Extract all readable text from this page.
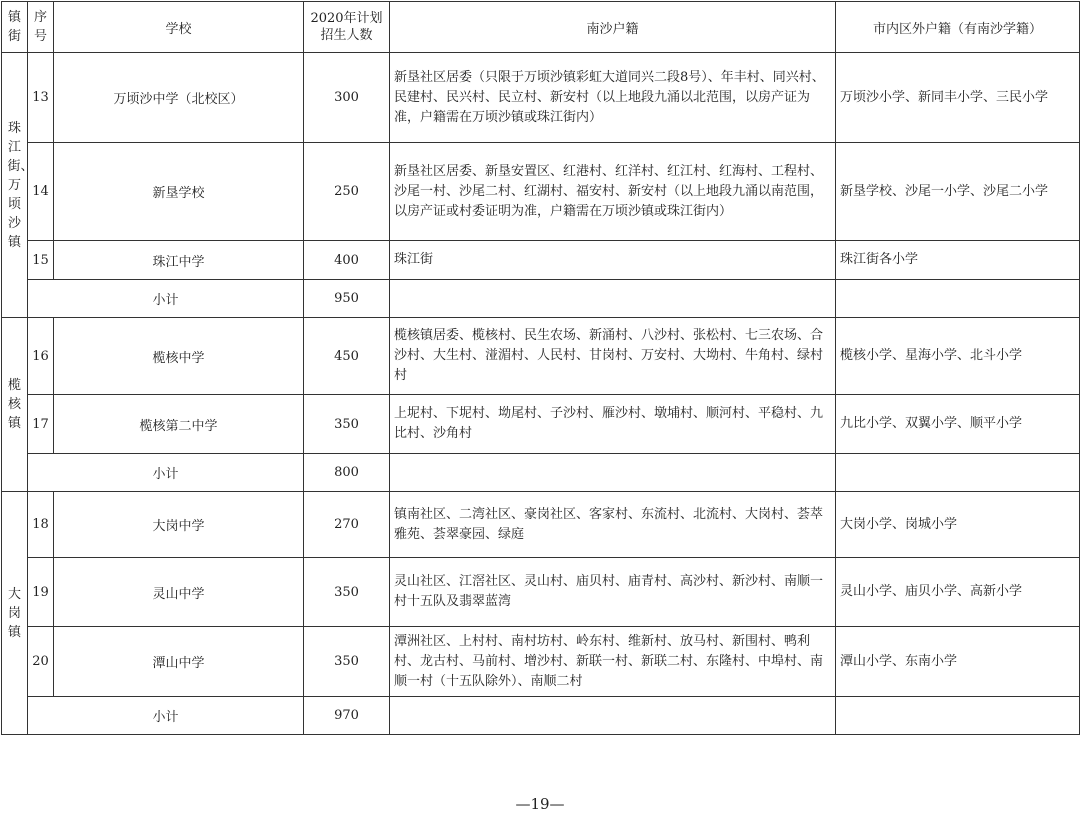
镇街	序号	学校	2020年计划招生人数	南沙户籍	市内区外户籍（有南沙学籍）
珠江街、万顷沙镇	13	万顷沙中学（北校区）	300	新垦社区居委（只限于万顷沙镇彩虹大道同兴二段8号）、年丰村、同兴村、民建村、民兴村、民立村、新安村（以上地段九涌以北范围，以房产证为准，户籍需在万顷沙镇或珠江街内）	万顷沙小学、新同丰小学、三民小学
	14	新垦学校	250	新垦社区居委、新垦安置区、红港村、红洋村、红江村、红海村、工程村、沙尾一村、沙尾二村、红湖村、福安村、新安村（以上地段九涌以南范围，以房产证或村委证明为准，户籍需在万顷沙镇或珠江街内）	新垦学校、沙尾一小学、沙尾二小学
	15	珠江中学	400	珠江街	珠江街各小学
	小计		950		
榄核镇	16	榄核中学	450	榄核镇居委、榄核村、民生农场、新涌村、八沙村、张松村、七三农场、合沙村、大生村、湴湄村、人民村、甘岗村、万安村、大坳村、牛角村、绿村村	榄核小学、星海小学、北斗小学
	17	榄核第二中学	350	上坭村、下坭村、坳尾村、子沙村、雁沙村、墩埔村、顺河村、平稳村、九比村、沙角村	九比小学、双翼小学、顺平小学
	小计		800		
大岗镇	18	大岗中学	270	镇南社区、二湾社区、豪岗社区、客家村、东流村、北流村、大岗村、荟萃雅苑、荟翠豪园、绿庭	大岗小学、岗城小学
	19	灵山中学	350	灵山社区、江滘社区、灵山村、庙贝村、庙青村、高沙村、新沙村、南顺一村十五队及翡翠蓝湾	灵山小学、庙贝小学、高新小学
	20	潭山中学	350	潭洲社区、上村村、南村坊村、岭东村、维新村、放马村、新围村、鸭利村、龙古村、马前村、增沙村、新联一村、新联二村、东隆村、中埠村、南顺一村（十五队除外）、南顺二村	潭山小学、东南小学
	小计		970		
—19—
